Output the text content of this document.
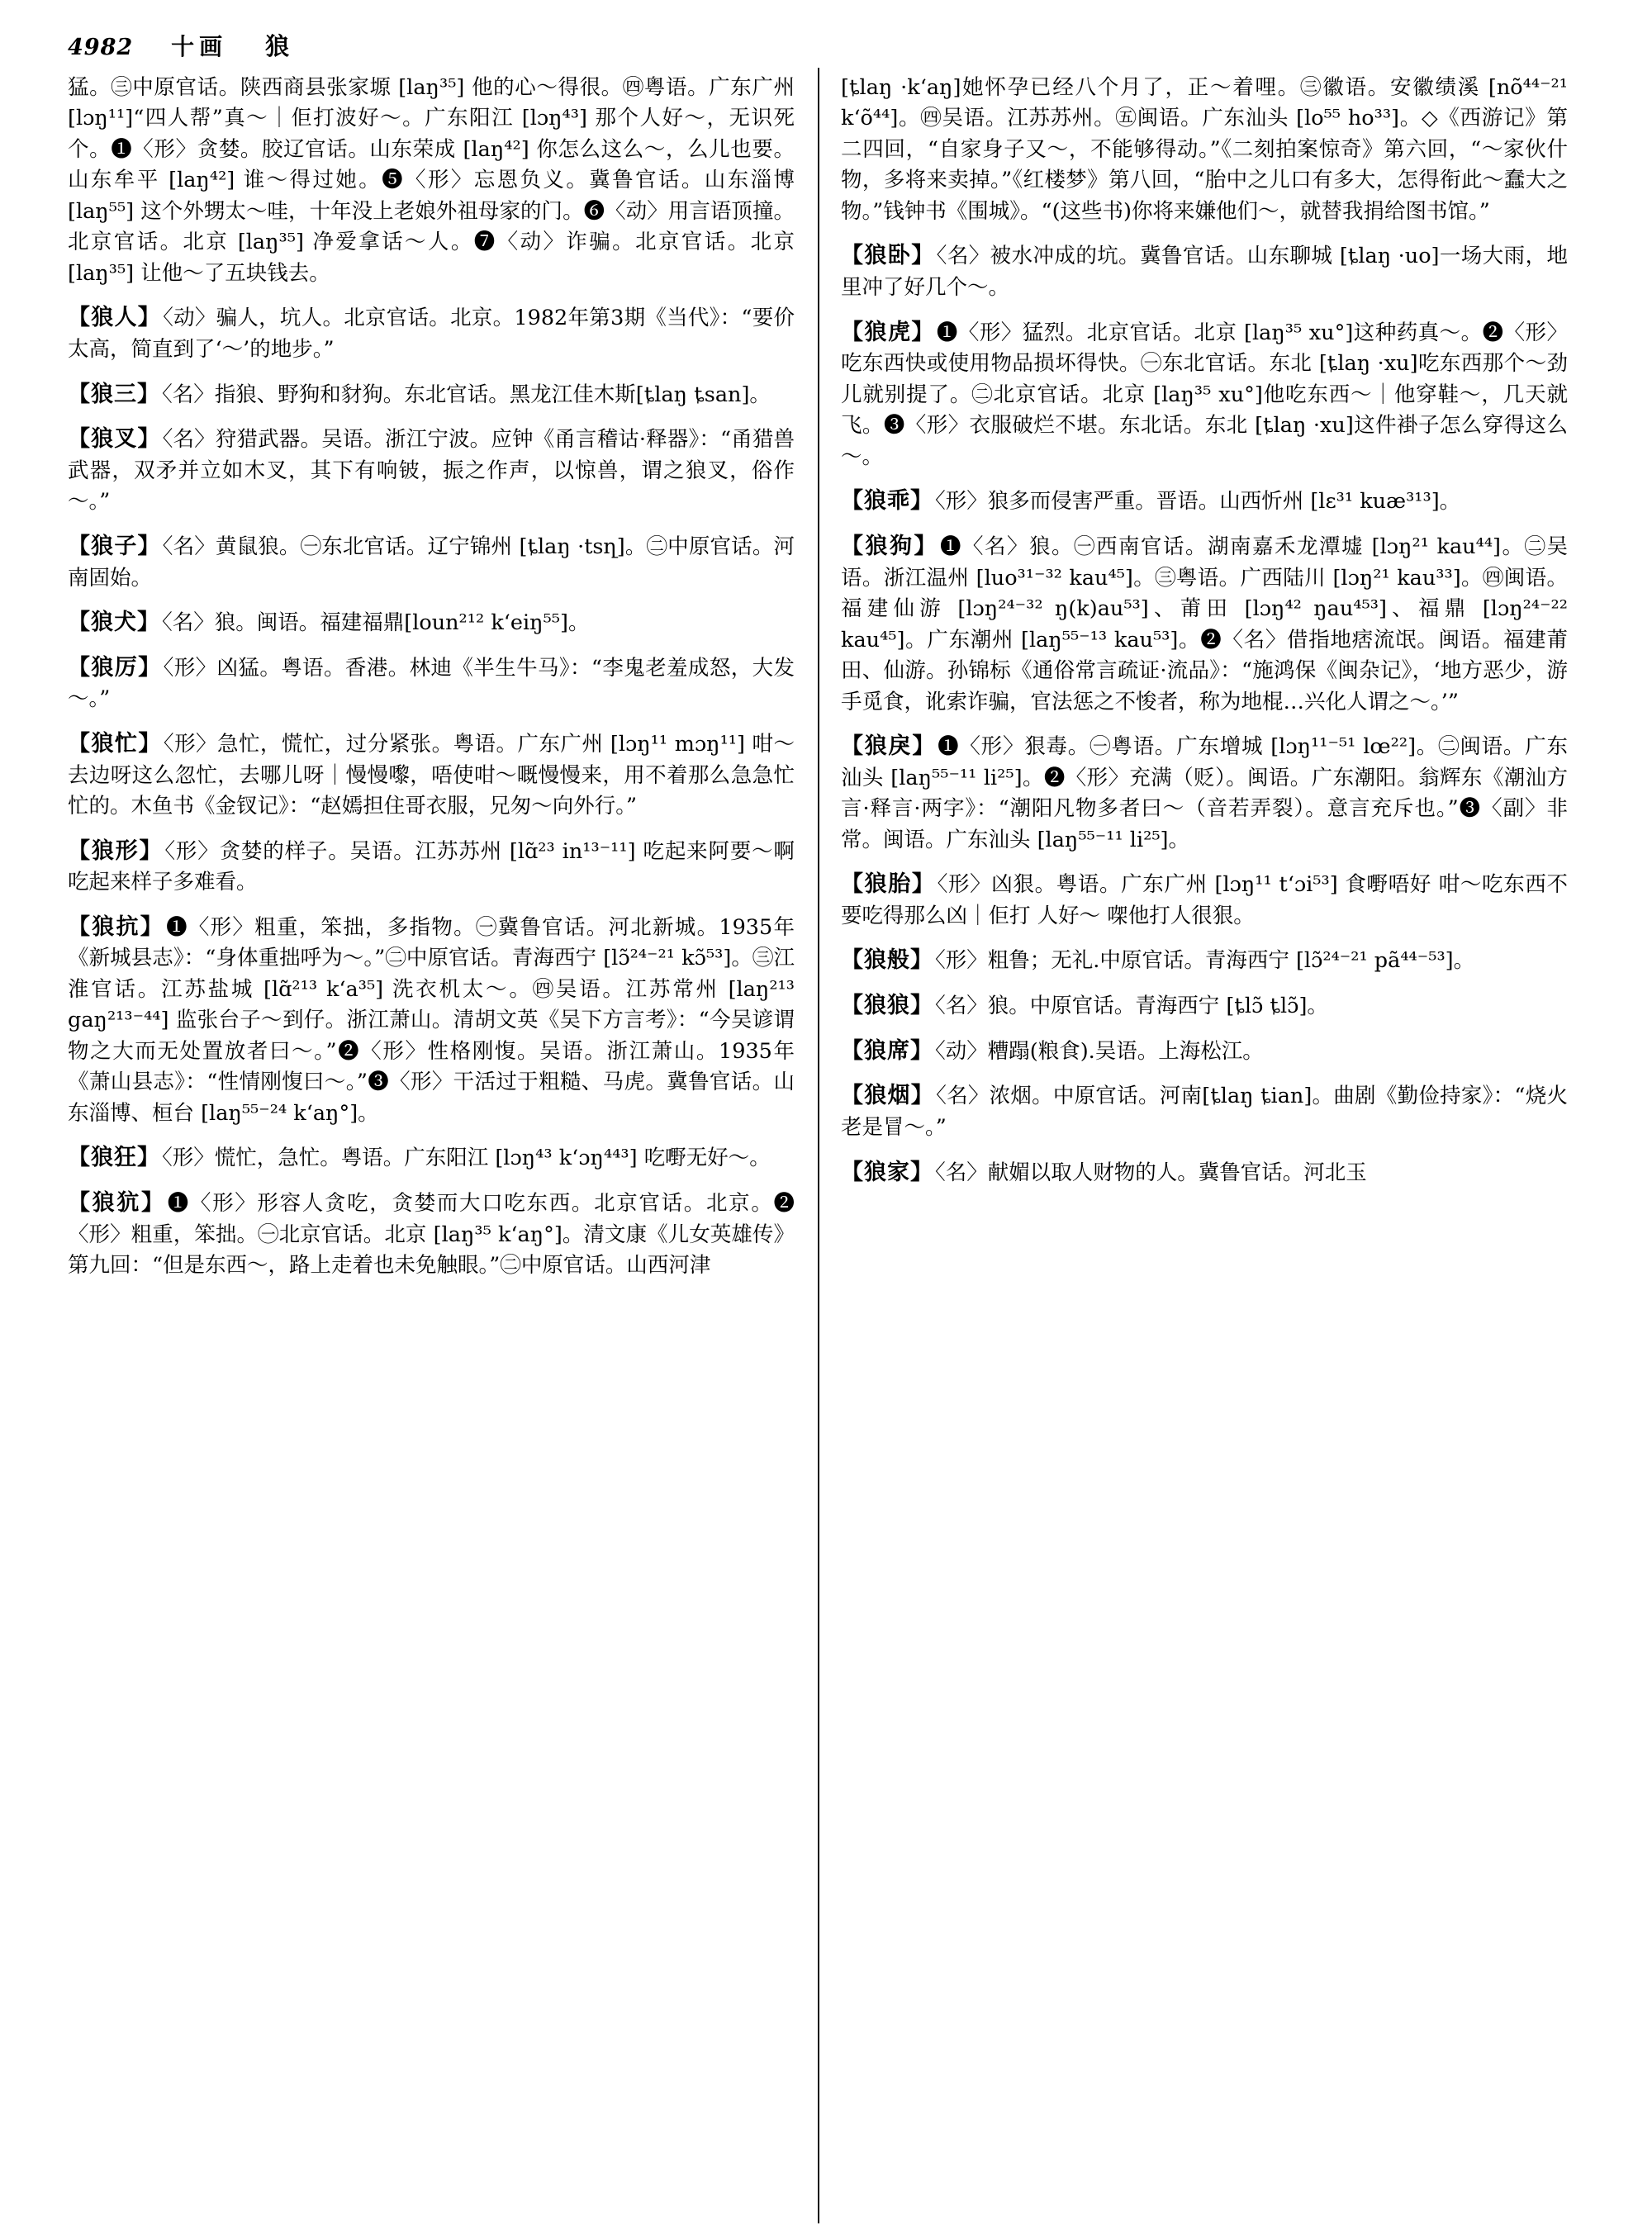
4982 十画 狼
猛。㊂中原官话。陕西商县张家塬 [laŋ³⁵] 他的心～得很。㊃粤语。广东广州 [lɔŋ¹¹]“四人帮”真～｜佢打波好～。广东阳江 [lɔŋ⁴³] 那个人好～，无识死个。❶〈形〉贪婪。胶辽官话。山东荣成 [laŋ⁴²] 你怎么这么～，么儿也要。山东牟平 [laŋ⁴²] 谁～得过她。❺〈形〉忘恩负义。冀鲁官话。山东淄博 [laŋ⁵⁵] 这个外甥太～哇，十年没上老娘外祖母家的门。❻〈动〉用言语顶撞。北京官话。北京 [laŋ³⁵] 净爱拿话～人。❼〈动〉诈骗。北京官话。北京 [laŋ³⁵] 让他～了五块钱去。
【狼人】〈动〉骗人，坑人。北京官话。北京。1982年第3期《当代》：“要价太高，简直到了‘～’的地步。”
【狼三】〈名〉指狼、野狗和豺狗。东北官话。黑龙江佳木斯[ȶlaŋ ȶsan]。
【狼叉】〈名〉狩猎武器。吴语。浙江宁波。应钟《甬言稽诂·释器》：“甬猎兽武器，双矛并立如木叉，其下有响铍，振之作声，以惊兽，谓之狼叉，俗作～。”
【狼子】〈名〉黄鼠狼。㊀东北官话。辽宁锦州 [ȶlaŋ ·tsղ]。㊁中原官话。河南固始。
【狼犬】〈名〉狼。闽语。福建福鼎[loun²¹² kʻeiŋ⁵⁵]。
【狼厉】〈形〉凶猛。粤语。香港。林迪《半生牛马》：“李鬼老羞成怒，大发～。”
【狼忙】〈形〉急忙，慌忙，过分紧张。粤语。广东广州 [lɔŋ¹¹ mɔŋ¹¹] 咁～去边呀这么忽忙，去哪儿呀｜慢慢嚟，唔使咁～嘅慢慢来，用不着那么急急忙忙的。木鱼书《金钗记》：“赵嫣担住哥衣服，兄匆～向外行。”
【狼形】〈形〉贪婪的样子。吴语。江苏苏州 [lɑ̃²³ in¹³⁻¹¹] 吃起来阿要～啊吃起来样子多难看。
【狼抗】❶〈形〉粗重，笨拙，多指物。㊀冀鲁官话。河北新城。1935年《新城县志》：“身体重拙呼为～。”㊁中原官话。青海西宁 [lɔ̃²⁴⁻²¹ kɔ̃⁵³]。㊂江淮官话。江苏盐城 [lɑ̃²¹³ kʻa³⁵] 洗衣机太～。㊃吴语。江苏常州 [laŋ²¹³ gaŋ²¹³⁻⁴⁴] 监张台子～到仔。浙江萧山。清胡文英《吴下方言考》：“今吴谚谓物之大而无处置放者曰～。”❷〈形〉性格刚愎。吴语。浙江萧山。1935年《萧山县志》：“性情刚愎曰～。”❸〈形〉干活过于粗糙、马虎。冀鲁官话。山东淄博、桓台 [laŋ⁵⁵⁻²⁴ kʻaŋ°]。
【狼狂】〈形〉慌忙，急忙。粤语。广东阳江 [lɔŋ⁴³ kʻɔŋ⁴⁴³] 吃嘢无好～。
【狼犺】❶〈形〉形容人贪吃，贪婪而大口吃东西。北京官话。北京。❷〈形〉粗重，笨拙。㊀北京官话。北京 [laŋ³⁵ kʻaŋ°]。清文康《儿女英雄传》第九回：“但是东西～，路上走着也未免触眼。”㊁中原官话。山西河津
[ȶlaŋ ·kʻaŋ]她怀孕已经八个月了，正～着哩。㊂徽语。安徽绩溪 [nõ⁴⁴⁻²¹ kʻõ⁴⁴]。㊃吴语。江苏苏州。㊄闽语。广东汕头 [lo⁵⁵ ho³³]。◇《西游记》第二四回，“自家身子又～，不能够得动。”《二刻拍案惊奇》第六回，“～家伙什物，多将来卖掉。”《红楼梦》第八回，“胎中之儿口有多大，怎得衔此～蠢大之物。”钱钟书《围城》。“(这些书)你将来嫌他们～，就替我捐给图书馆。”
【狼卧】〈名〉被水冲成的坑。冀鲁官话。山东聊城 [ȶlaŋ ·uo]一场大雨，地里冲了好几个～。
【狼虎】❶〈形〉猛烈。北京官话。北京 [laŋ³⁵ xu°]这种药真～。❷〈形〉吃东西快或使用物品损坏得快。㊀东北官话。东北 [ȶlaŋ ·xu]吃东西那个～劲儿就别提了。㊁北京官话。北京 [laŋ³⁵ xu°]他吃东西～｜他穿鞋～，几天就飞。❸〈形〉衣服破烂不堪。东北话。东北 [ȶlaŋ ·xu]这件褂子怎么穿得这么～。
【狼乖】〈形〉狼多而侵害严重。晋语。山西忻州 [lɛ³¹ kuæ³¹³]。
【狼狗】❶〈名〉狼。㊀西南官话。湖南嘉禾龙潭墟 [lɔŋ²¹ kau⁴⁴]。㊁吴语。浙江温州 [luo³¹⁻³² kau⁴⁵]。㊂粤语。广西陆川 [lɔŋ²¹ kau³³]。㊃闽语。福建仙游 [lɔŋ²⁴⁻³² ŋ(k)au⁵³]、莆田 [lɔŋ⁴² ŋau⁴⁵³]、福鼎 [lɔŋ²⁴⁻²² kau⁴⁵]。广东潮州 [laŋ⁵⁵⁻¹³ kau⁵³]。❷〈名〉借指地痞流氓。闽语。福建莆田、仙游。孙锦标《通俗常言疏证·流品》：“施鸿保《闽杂记》，‘地方恶少，游手觅食，讹索诈骗，官法惩之不悛者，称为地棍…兴化人谓之～。’”
【狼戾】❶〈形〉狠毒。㊀粤语。广东增城 [lɔŋ¹¹⁻⁵¹ lœ²²]。㊁闽语。广东汕头 [laŋ⁵⁵⁻¹¹ li²⁵]。❷〈形〉充满（贬）。闽语。广东潮阳。翁辉东《潮汕方言·释言·两字》：“潮阳凡物多者曰～（音若弄裂）。意言充斥也。”❸〈副〉非常。闽语。广东汕头 [laŋ⁵⁵⁻¹¹ li²⁵]。
【狼胎】〈形〉凶狠。粤语。广东广州 [lɔŋ¹¹ tʻɔi⁵³] 食嘢唔好 咁～吃东西不要吃得那么凶｜佢打 人好～ 㗎他打人很狠。
【狼般】〈形〉粗鲁；无礼.中原官话。青海西宁 [lɔ̃²⁴⁻²¹ pã⁴⁴⁻⁵³]。
【狼狼】〈名〉狼。中原官话。青海西宁 [ȶlɔ̃ ȶlɔ̃]。
【狼席】〈动〉糟蹋(粮食).吴语。上海松江。
【狼烟】〈名〉浓烟。中原官话。河南[ȶlaŋ ȶian]。曲剧《勤俭持家》：“烧火老是冒～。”
【狼家】〈名〉献媚以取人财物的人。冀鲁官话。河北玉
